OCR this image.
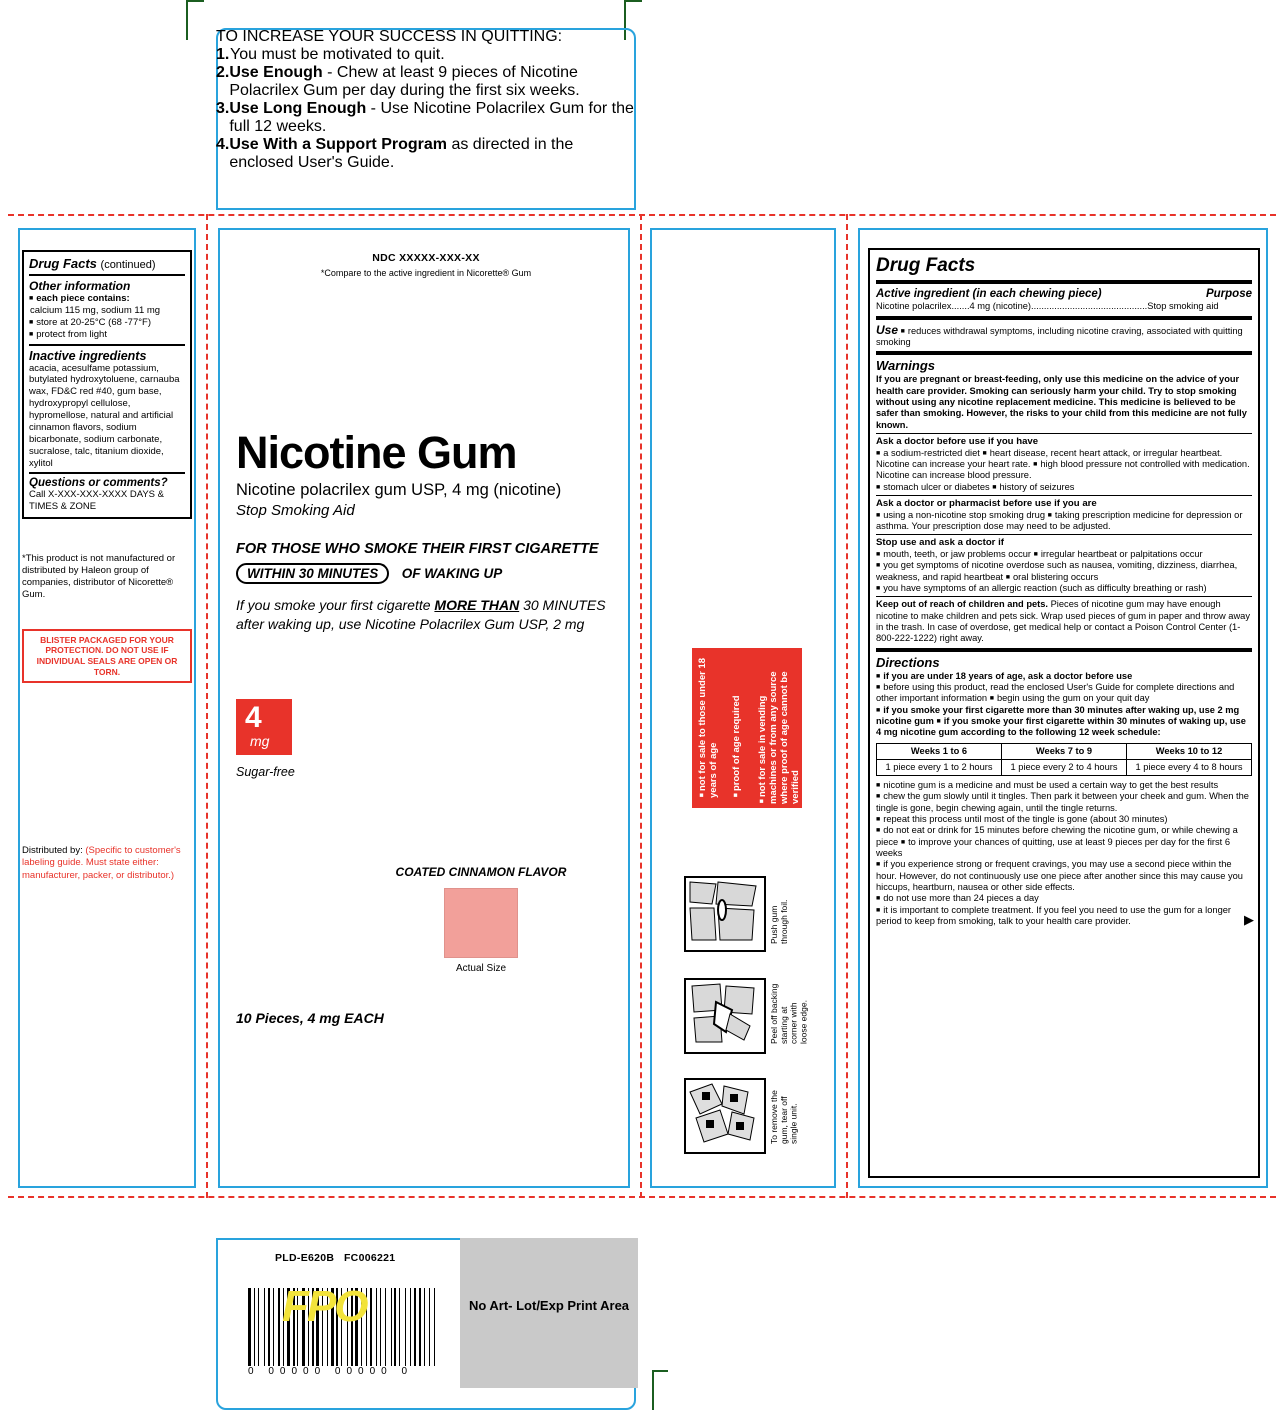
TO INCREASE YOUR SUCCESS IN QUITTING:
1. You must be motivated to quit.
2. Use Enough - Chew at least 9 pieces of Nicotine Polacrilex Gum per day during the first six weeks.
3. Use Long Enough - Use Nicotine Polacrilex Gum for the full 12 weeks.
4. Use With a Support Program as directed in the enclosed User's Guide.
Drug Facts (continued)
Other information
■ each piece contains:
calcium 115 mg, sodium 11 mg
■ store at 20-25°C (68 -77°F)
■ protect from light
Inactive ingredients
acacia, acesulfame potassium, butylated hydroxytoluene, carnauba wax, FD&C red #40, gum base, hydroxypropyl cellulose, hypromellose, natural and artificial cinnamon flavors, sodium bicarbonate, sodium carbonate, sucralose, talc, titanium dioxide, xylitol
Questions or comments?
Call X-XXX-XXX-XXXX DAYS & TIMES & ZONE
*This product is not manufactured or distributed by Haleon group of companies, distributor of Nicorette® Gum.
BLISTER PACKAGED FOR YOUR PROTECTION. DO NOT USE IF INDIVIDUAL SEALS ARE OPEN OR TORN.
Distributed by: (Specific to customer's labeling guide. Must state either: manufacturer, packer, or distributor.)
NDC XXXXX-XXX-XX
*Compare to the active ingredient in Nicorette® Gum
Nicotine Gum
Nicotine polacrilex gum USP, 4 mg (nicotine)
Stop Smoking Aid
FOR THOSE WHO SMOKE THEIR FIRST CIGARETTE
WITHIN 30 MINUTES OF WAKING UP
If you smoke your first cigarette MORE THAN 30 MINUTES after waking up, use Nicotine Polacrilex Gum USP, 2 mg
4
mg
Sugar-free
COATED CINNAMON FLAVOR
Actual Size
10 Pieces, 4 mg EACH
■ not for sale to those under 18 years of age ■ proof of age required ■ not for sale in vending machines or from any source where proof of age cannot be verified
Push gum through foil.
Peel off backing starting at corner with loose edge.
To remove the gum, tear off single unit.
Drug Facts
Active ingredient (in each chewing piece)	Purpose
Nicotine polacrilex.......4 mg (nicotine).............................................Stop smoking aid
Use ■ reduces withdrawal symptoms, including nicotine craving, associated with quitting smoking
Warnings
If you are pregnant or breast-feeding, only use this medicine on the advice of your health care provider. Smoking can seriously harm your child. Try to stop smoking without using any nicotine replacement medicine. This medicine is believed to be safer than smoking. However, the risks to your child from this medicine are not fully known.
Ask a doctor before use if you have
■ a sodium-restricted diet ■ heart disease, recent heart attack, or irregular heartbeat. Nicotine can increase your heart rate. ■ high blood pressure not controlled with medication. Nicotine can increase blood pressure.
■ stomach ulcer or diabetes ■ history of seizures
Ask a doctor or pharmacist before use if you are
■ using a non-nicotine stop smoking drug ■ taking prescription medicine for depression or asthma. Your prescription dose may need to be adjusted.
Stop use and ask a doctor if
■ mouth, teeth, or jaw problems occur ■ irregular heartbeat or palpitations occur
■ you get symptoms of nicotine overdose such as nausea, vomiting, dizziness, diarrhea, weakness, and rapid heartbeat ■ oral blistering occurs
■ you have symptoms of an allergic reaction (such as difficulty breathing or rash)
Keep out of reach of children and pets. Pieces of nicotine gum may have enough nicotine to make children and pets sick. Wrap used pieces of gum in paper and throw away in the trash. In case of overdose, get medical help or contact a Poison Control Center (1-800-222-1222) right away.
Directions
■ if you are under 18 years of age, ask a doctor before use
■ before using this product, read the enclosed User's Guide for complete directions and other important information ■ begin using the gum on your quit day
■ if you smoke your first cigarette more than 30 minutes after waking up, use 2 mg nicotine gum ■ if you smoke your first cigarette within 30 minutes of waking up, use 4 mg nicotine gum according to the following 12 week schedule:
Weeks 1 to 6	Weeks 7 to 9	Weeks 10 to 12
1 piece every 1 to 2 hours	1 piece every 2 to 4 hours	1 piece every 4 to 8 hours
■ nicotine gum is a medicine and must be used a certain way to get the best results
■ chew the gum slowly until it tingles. Then park it between your cheek and gum. When the tingle is gone, begin chewing again, until the tingle returns.
■ repeat this process until most of the tingle is gone (about 30 minutes)
■ do not eat or drink for 15 minutes before chewing the nicotine gum, or while chewing a piece ■ to improve your chances of quitting, use at least 9 pieces per day for the first 6 weeks
■ if you experience strong or frequent cravings, you may use a second piece within the hour. However, do not continuously use one piece after another since this may cause you hiccups, heartburn, nausea or other side effects.
■ do not use more than 24 pieces a day
■ it is important to complete treatment. If you feel you need to use the gum for a longer period to keep from smoking, talk to your health care provider.	▶
No Art- Lot/Exp Print Area
PLD-E620B FC006221
0 00000 00000 0
FPO
